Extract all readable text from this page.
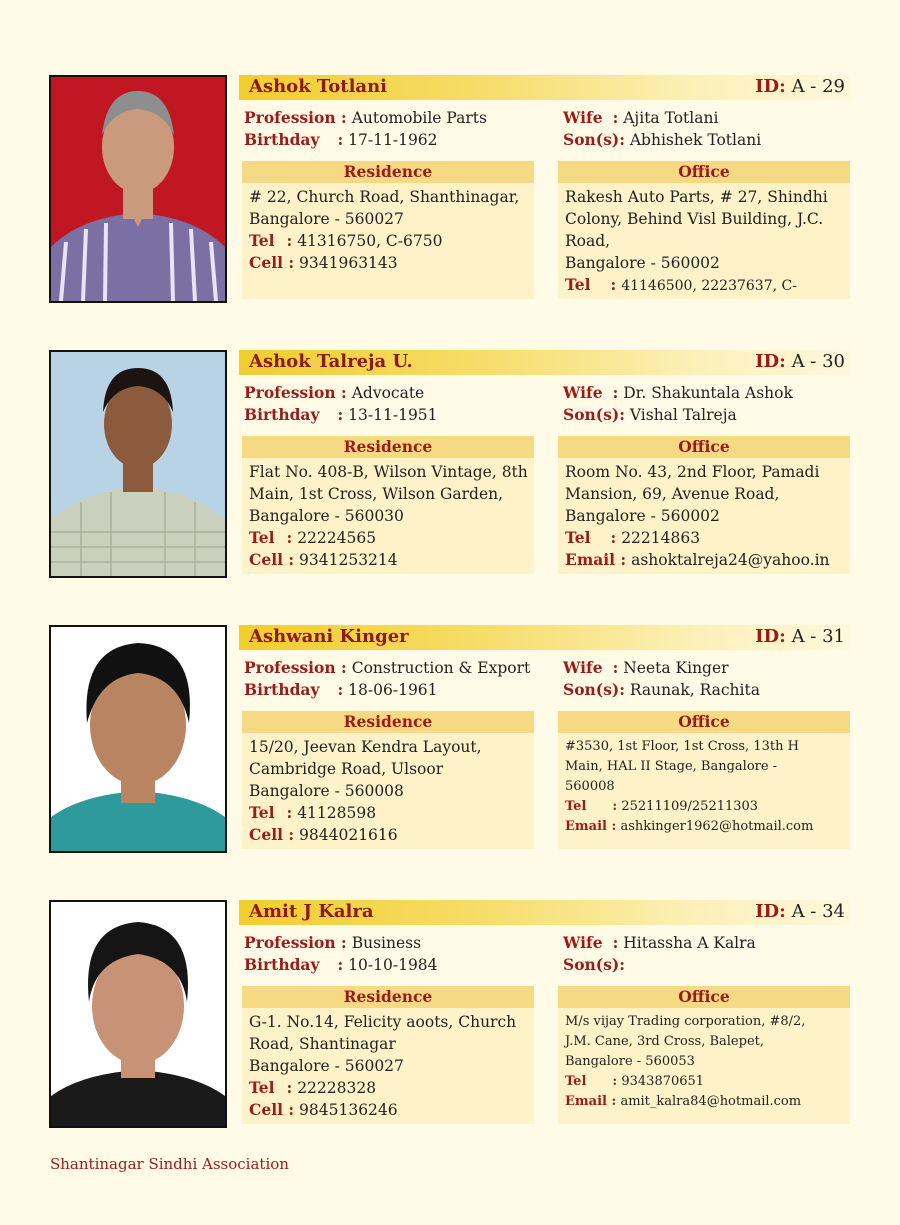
Ashok Totlani	ID: A - 29
Profession : Automobile Parts
Birthday : 17-11-1962
Wife : Ajita Totlani
Son(s): Abhishek Totlani
Residence
# 22, Church Road, Shanthinagar,
Bangalore - 560027
Tel : 41316750, C-6750
Cell : 9341963143
Office
Rakesh Auto Parts, # 27, Shindhi
Colony, Behind Visl Building, J.C.
Road,
Bangalore - 560002
Tel : 41146500, 22237637, C-
Ashok Talreja U.	ID: A - 30
Profession : Advocate
Birthday : 13-11-1951
Wife : Dr. Shakuntala Ashok
Son(s): Vishal Talreja
Residence
Flat No. 408-B, Wilson Vintage, 8th
Main, 1st Cross, Wilson Garden,
Bangalore - 560030
Tel : 22224565
Cell : 9341253214
Office
Room No. 43, 2nd Floor, Pamadi
Mansion, 69, Avenue Road,
Bangalore - 560002
Tel : 22214863
Email : ashoktalreja24@yahoo.in
Ashwani Kinger	ID: A - 31
Profession : Construction & Export
Birthday : 18-06-1961
Wife : Neeta Kinger
Son(s): Raunak, Rachita
Residence
15/20, Jeevan Kendra Layout,
Cambridge Road, Ulsoor
Bangalore - 560008
Tel : 41128598
Cell : 9844021616
Office
#3530, 1st Floor, 1st Cross, 13th H
Main, HAL II Stage, Bangalore -
560008
Tel : 25211109/25211303
Email : ashkinger1962@hotmail.com
Amit J Kalra	ID: A - 34
Profession : Business
Birthday : 10-10-1984
Wife : Hitassha A Kalra
Son(s):
Residence
G-1. No.14, Felicity aoots, Church
Road, Shantinagar
Bangalore - 560027
Tel : 22228328
Cell : 9845136246
Office
M/s vijay Trading corporation, #8/2,
J.M. Cane, 3rd Cross, Balepet,
Bangalore - 560053
Tel : 9343870651
Email : amit_kalra84@hotmail.com
Shantinagar Sindhi Association
